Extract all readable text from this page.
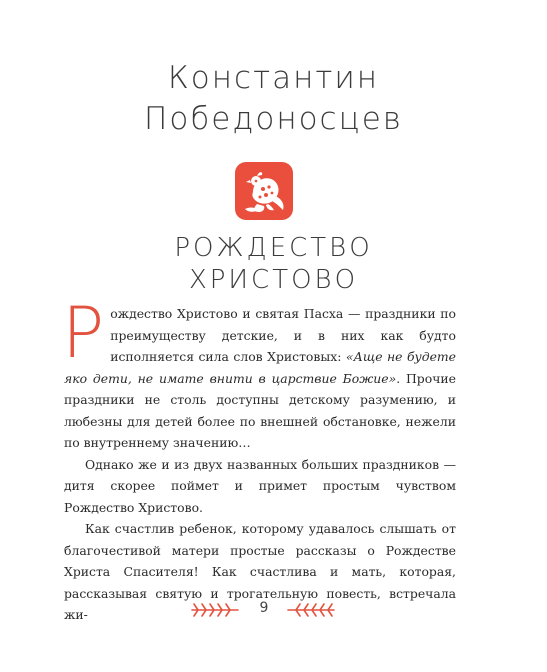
Константин
Победоносцев
РОЖДЕСТВО
ХРИСТОВО

Рождество Христово и святая Пасха — праздники по преимуществу детские, и в них как будто исполняется сила слов Христовых: «Аще не будете яко дети, не имате внити в царствие Божие». Прочие праздники не столь доступны детскому разумению, и любезны для детей более по внешней обстановке, нежели по внутреннему значению…

Однако же и из двух названных больших праздников — дитя скорее поймет и примет простым чувством Рождество Христово.

Как счастлив ребенок, которому удавалось слышать от благочестивой матери простые рассказы о Рождестве Христа Спасителя! Как счастлива и мать, которая, рассказывая святую и трогательную повесть, встречала жи-	9
